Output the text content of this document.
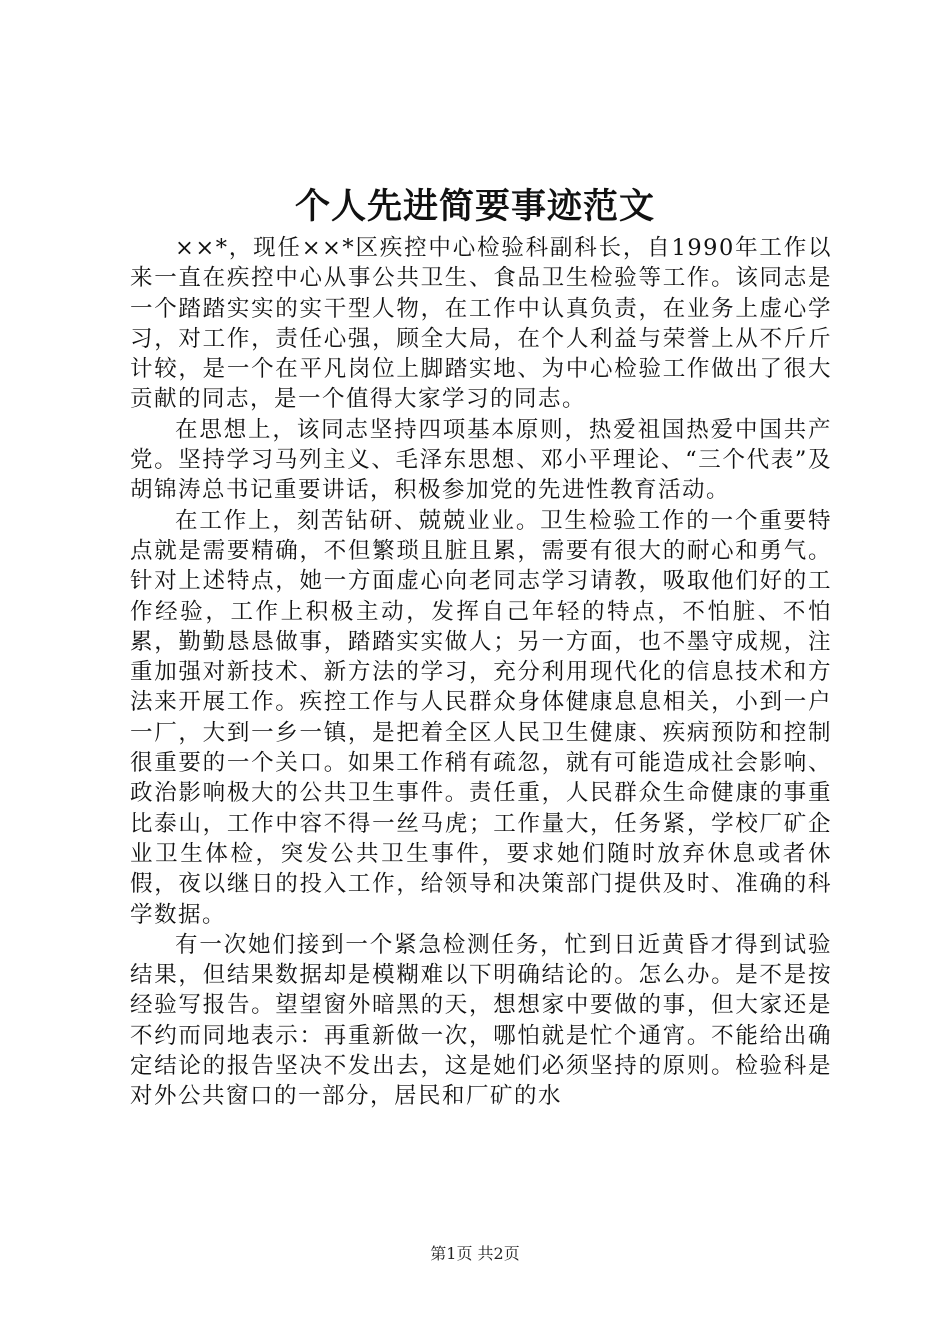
个人先进简要事迹范文

××*，现任××*区疾控中心检验科副科长，自1990年工作以来一直在疾控中心从事公共卫生、食品卫生检验等工作。该同志是一个踏踏实实的实干型人物，在工作中认真负责，在业务上虚心学习，对工作，责任心强，顾全大局，在个人利益与荣誉上从不斤斤计较，是一个在平凡岗位上脚踏实地、为中心检验工作做出了很大贡献的同志，是一个值得大家学习的同志。

在思想上，该同志坚持四项基本原则，热爱祖国热爱中国共产党。坚持学习马列主义、毛泽东思想、邓小平理论、“三个代表”及胡锦涛总书记重要讲话，积极参加党的先进性教育活动。

在工作上，刻苦钻研、兢兢业业。卫生检验工作的一个重要特点就是需要精确，不但繁琐且脏且累，需要有很大的耐心和勇气。针对上述特点，她一方面虚心向老同志学习请教，吸取他们好的工作经验，工作上积极主动，发挥自己年轻的特点，不怕脏、不怕累，勤勤恳恳做事，踏踏实实做人；另一方面，也不墨守成规，注重加强对新技术、新方法的学习，充分利用现代化的信息技术和方法来开展工作。疾控工作与人民群众身体健康息息相关，小到一户一厂，大到一乡一镇，是把着全区人民卫生健康、疾病预防和控制很重要的一个关口。如果工作稍有疏忽，就有可能造成社会影响、政治影响极大的公共卫生事件。责任重，人民群众生命健康的事重比泰山，工作中容不得一丝马虎；工作量大，任务紧，学校厂矿企业卫生体检，突发公共卫生事件，要求她们随时放弃休息或者休假，夜以继日的投入工作，给领导和决策部门提供及时、准确的科学数据。

有一次她们接到一个紧急检测任务，忙到日近黄昏才得到试验结果，但结果数据却是模糊难以下明确结论的。怎么办。是不是按经验写报告。望望窗外暗黑的天，想想家中要做的事，但大家还是不约而同地表示：再重新做一次，哪怕就是忙个通宵。不能给出确定结论的报告坚决不发出去，这是她们必须坚持的原则。检验科是对外公共窗口的一部分，居民和厂矿的水

第1页 共2页
